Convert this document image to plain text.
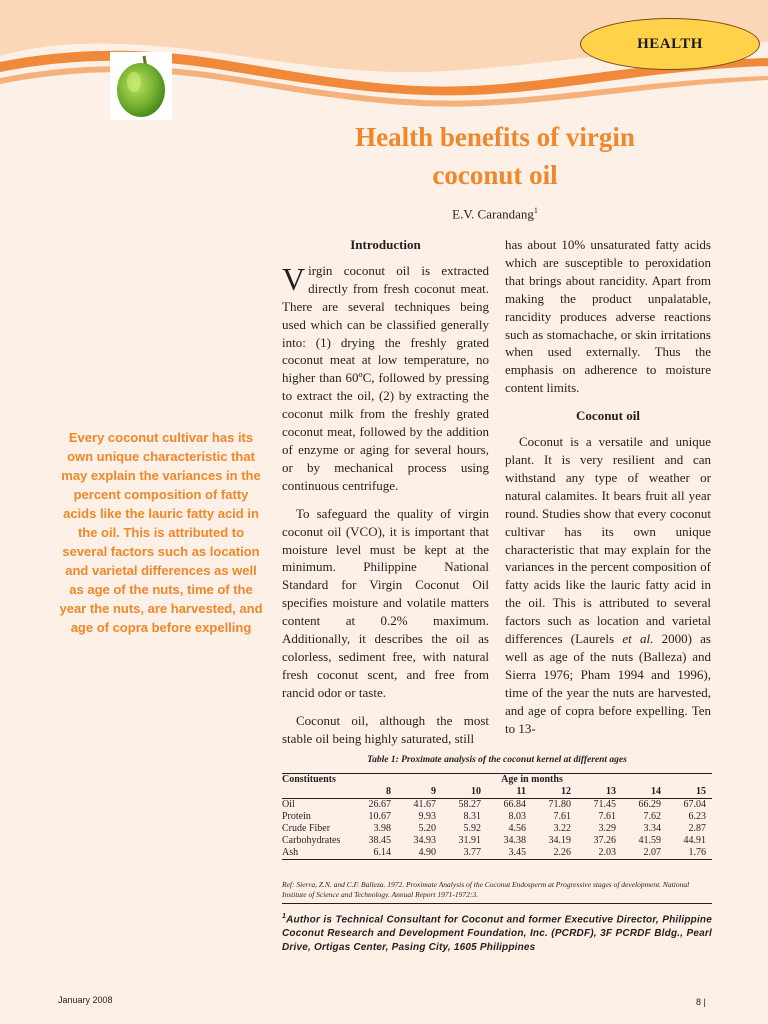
HEALTH
Health benefits of virgin
coconut oil
E.V. Carandang$^1$
Introduction

Virgin coconut oil is extracted directly from fresh coconut meat. There are several techniques being used which can be classified generally into: (1) drying the freshly grated coconut meat at low temperature, no higher than 60ºC, followed by pressing to extract the oil, (2) by extracting the coconut milk from the freshly grated coconut meat, followed by the addition of enzyme or aging for several hours, or by mechanical process using continuous centrifuge.

To safeguard the quality of virgin coconut oil (VCO), it is important that moisture level must be kept at the minimum. Philippine National Standard for Virgin Coconut Oil specifies moisture and volatile matters content at 0.2% maximum. Additionally, it describes the oil as colorless, sediment free, with natural fresh coconut scent, and free from rancid odor or taste.

Coconut oil, although the most stable oil being highly saturated, still

has about 10% unsaturated fatty acids which are susceptible to peroxidation that brings about rancidity. Apart from making the product unpalatable, rancidity produces adverse reactions such as stomachache, or skin irritations when used externally. Thus the emphasis on adherence to moisture content limits.

Coconut oil

Coconut is a versatile and unique plant. It is very resilient and can withstand any type of weather or natural calamites. It bears fruit all year round. Studies show that every coconut cultivar has its own unique characteristic that may explain for the variances in the percent composition of fatty acids like the lauric fatty acid in the oil. This is attributed to several factors such as location and varietal differences (Laurels et al. 2000) as well as age of the nuts (Balleza) and Sierra 1976; Pham 1994 and 1996), time of the year the nuts are harvested, and age of copra before expelling. Ten to 13-

Every coconut cultivar has its own unique characteristic that may explain the variances in the percent composition of fatty acids like the lauric fatty acid in the oil. This is attributed to several factors such as location and varietal differences as well as age of the nuts, time of the year the nuts, are harvested, and age of copra before expelling
Table 1: Proximate analysis of the coconut kernel at different ages
Constituents	Age in months							
	8	9	10	11	12	13	14	15
Oil	26.67	41.67	58.27	66.84	71.80	71.45	66.29	67.04
Protein	10.67	9.93	8.31	8.03	7.61	7.61	7.62	6.23
Crude Fiber	3.98	5.20	5.92	4.56	3.22	3.29	3.34	2.87
Carbohydrates	38.45	34.93	31.91	34.38	34.19	37.26	41.59	44.91
Ash	6.14	4.90	3.77	3.45	2.26	2.03	2.07	1.76
Ref: Sierra, Z.N. and C.F. Balleza. 1972. Proximate Analysis of the Coconut Endosperm at Progressive stages of development. National Institute of Science and Technology. Annual Report 1971-1972:3.
$^1$Author is Technical Consultant for Coconut and former Executive Director, Philippine Coconut Research and Development Foundation, Inc. (PCRDF), 3F PCRDF Bldg., Pearl Drive, Ortigas Center, Pasing City, 1605 Philippines
January 2008	8 |
